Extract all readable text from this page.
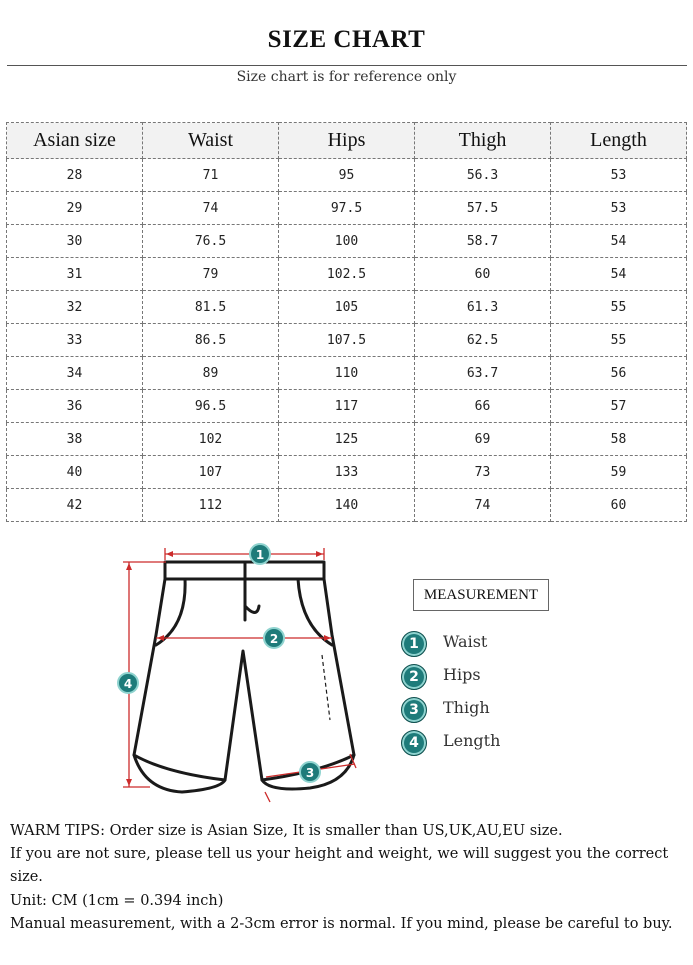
SIZE CHART
Size chart is for reference only
Asian size	Waist	Hips	Thigh	Length
28	71	95	56.3	53
29	74	97.5	57.5	53
30	76.5	100	58.7	54
31	79	102.5	60	54
32	81.5	105	61.3	55
33	86.5	107.5	62.5	55
34	89	110	63.7	56
36	96.5	117	66	57
38	102	125	69	58
40	107	133	73	59
42	112	140	74	60
1
2
3
4
MEASUREMENT
1	Waist
2	Hips
3	Thigh
4	Length

WARM TIPS: Order size is Asian Size, It is smaller than US,UK,AU,EU size.

If you are not sure, please tell us your height and weight, we will suggest you the correct size.

Unit: CM (1cm = 0.394 inch)

Manual measurement, with a 2-3cm error is normal. If you mind, please be careful to buy.
